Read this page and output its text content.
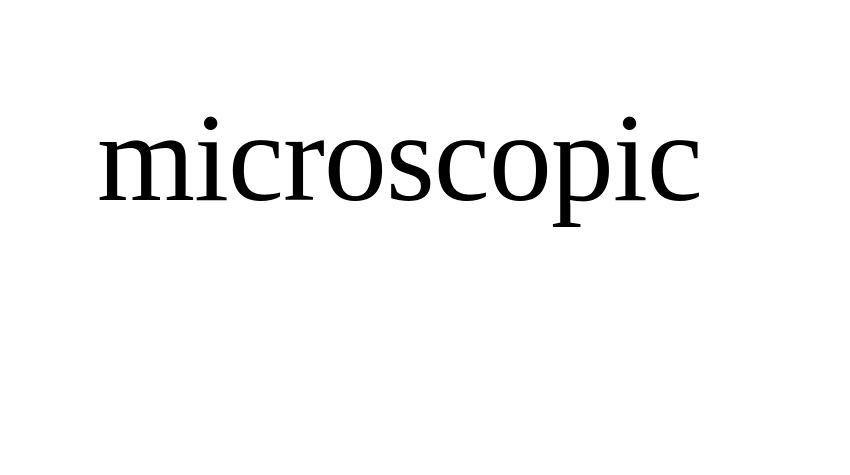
microscopic
